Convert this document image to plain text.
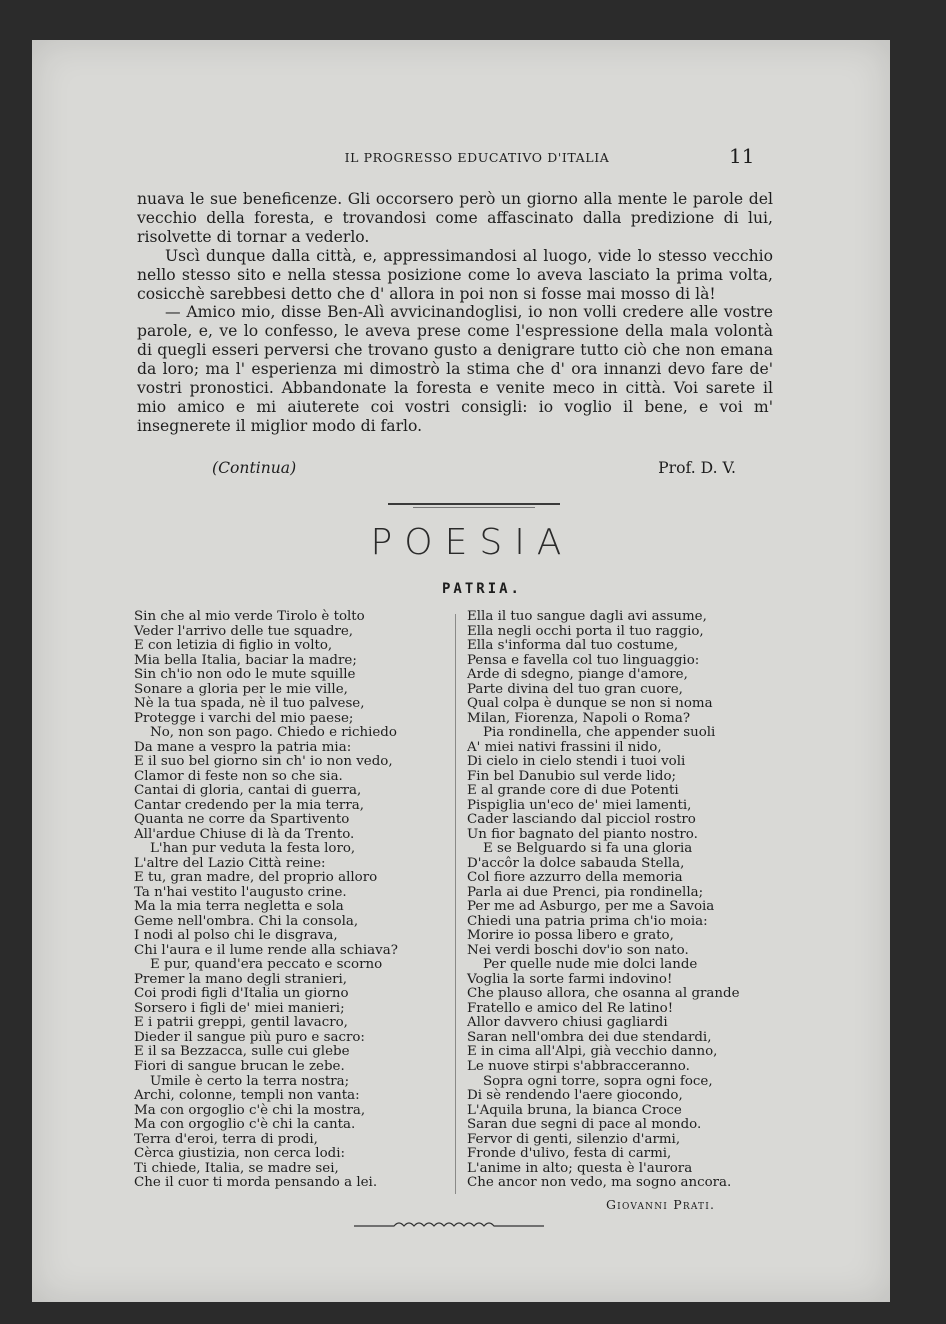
IL PROGRESSO EDUCATIVO D'ITALIA	11

nuava le sue beneficenze. Gli occorsero però un giorno alla mente le parole del vecchio della foresta, e trovandosi come affascinato dalla predizione di lui, risolvette di tornar a vederlo.

Uscì dunque dalla città, e, appressimandosi al luogo, vide lo stesso vecchio nello stesso sito e nella stessa posizione come lo aveva lasciato la prima volta, cosicchè sarebbesi detto che d' allora in poi non si fosse mai mosso di là!

— Amico mio, disse Ben-Alì avvicinandoglisi, io non volli credere alle vostre parole, e, ve lo confesso, le aveva prese come l'espressione della mala volontà di quegli esseri perversi che trovano gusto a denigrare tutto ciò che non emana da loro; ma l' esperienza mi dimostrò la stima che d' ora innanzi devo fare de' vostri pronostici. Abbandonate la foresta e venite meco in città. Voi sarete il mio amico e mi aiuterete coi vostri consigli: io voglio il bene, e voi m' insegnerete il miglior modo di farlo.

(Continua)	Prof. D. V.
POESIA
PATRIA.
Sin che al mio verde Tirolo è tolto
Veder l'arrivo delle tue squadre,
E con letizia di figlio in volto,
Mia bella Italia, baciar la madre;
Sin ch'io non odo le mute squille
Sonare a gloria per le mie ville,
Nè la tua spada, nè il tuo palvese,
Protegge i varchi del mio paese;
No, non son pago. Chiedo e richiedo
Da mane a vespro la patria mia:
E il suo bel giorno sin ch' io non vedo,
Clamor di feste non so che sia.
Cantai di gloria, cantai di guerra,
Cantar credendo per la mia terra,
Quanta ne corre da Spartivento
All'ardue Chiuse di là da Trento.
L'han pur veduta la festa loro,
L'altre del Lazio Città reine:
E tu, gran madre, del proprio alloro
Ta n'hai vestito l'augusto crine.
Ma la mia terra negletta e sola
Geme nell'ombra. Chi la consola,
I nodi al polso chi le disgrava,
Chi l'aura e il lume rende alla schiava?
E pur, quand'era peccato e scorno
Premer la mano degli stranieri,
Coi prodi figli d'Italia un giorno
Sorsero i figli de' miei manieri;
E i patrii greppi, gentil lavacro,
Dieder il sangue più puro e sacro:
E il sa Bezzacca, sulle cui glebe
Fiori di sangue brucan le zebe.
Umile è certo la terra nostra;
Archi, colonne, templi non vanta:
Ma con orgoglio c'è chi la mostra,
Ma con orgoglio c'è chi la canta.
Terra d'eroi, terra di prodi,
Cèrca giustizia, non cerca lodi:
Ti chiede, Italia, se madre sei,
Che il cuor ti morda pensando a lei.
Ella il tuo sangue dagli avi assume,
Ella negli occhi porta il tuo raggio,
Ella s'informa dal tuo costume,
Pensa e favella col tuo linguaggio:
Arde di sdegno, piange d'amore,
Parte divina del tuo gran cuore,
Qual colpa è dunque se non si noma
Milan, Fiorenza, Napoli o Roma?
Pia rondinella, che appender suoli
A' miei nativi frassini il nido,
Di cielo in cielo stendi i tuoi voli
Fin bel Danubio sul verde lido;
E al grande core di due Potenti
Pispiglia un'eco de' miei lamenti,
Cader lasciando dal picciol rostro
Un fior bagnato del pianto nostro.
E se Belguardo si fa una gloria
D'accôr la dolce sabauda Stella,
Col fiore azzurro della memoria
Parla ai due Prenci, pia rondinella;
Per me ad Asburgo, per me a Savoia
Chiedi una patria prima ch'io moia:
Morire io possa libero e grato,
Nei verdi boschi dov'io son nato.
Per quelle nude mie dolci lande
Voglia la sorte farmi indovino!
Che plauso allora, che osanna al grande
Fratello e amico del Re latino!
Allor davvero chiusi gagliardi
Saran nell'ombra dei due stendardi,
E in cima all'Alpi, già vecchio danno,
Le nuove stirpi s'abbracceranno.
Sopra ogni torre, sopra ogni foce,
Di sè rendendo l'aere giocondo,
L'Aquila bruna, la bianca Croce
Saran due segni di pace al mondo.
Fervor di genti, silenzio d'armi,
Fronde d'ulivo, festa di carmi,
L'anime in alto; questa è l'aurora
Che ancor non vedo, ma sogno ancora.
Giovanni Prati.
